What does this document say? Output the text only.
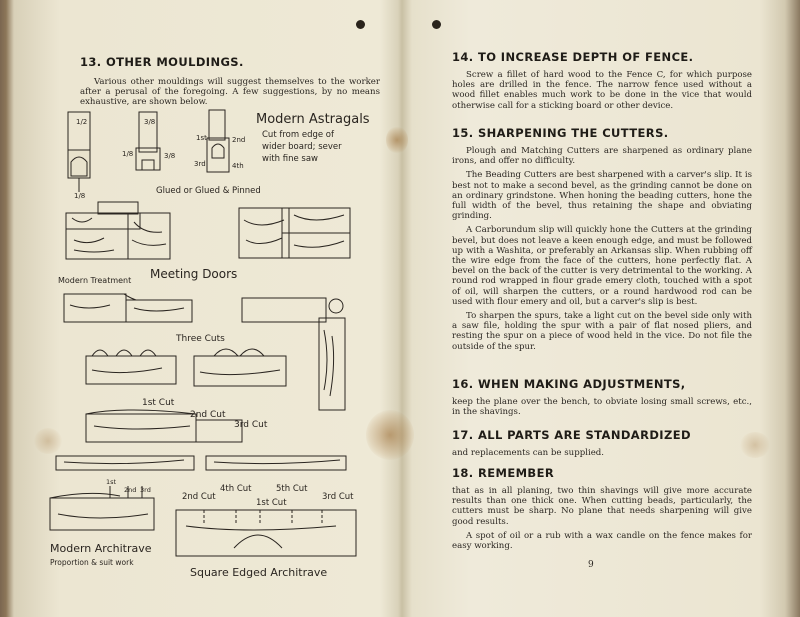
13. OTHER MOULDINGS.

Various other mouldings will suggest themselves to the worker after a perusal of the foregoing. A few suggestions, by no means exhaustive, are shown below.

Modern Astragals
Cut from edge of
wider board; sever
with fine saw
Glued or Glued & Pinned
Modern Treatment Meeting Doors
Three Cuts
1st Cut
2nd Cut
3rd Cut
2nd Cut
4th Cut
1st Cut
5th Cut
3rd Cut
Modern Architrave
Proportion & suit work
Square Edged Architrave
1/2	3/8
1/8
1/8	3/8
1st	2nd
3rd	4th
1st
2nd 3rd
14. TO INCREASE DEPTH OF FENCE.

Screw a fillet of hard wood to the Fence C, for which purpose holes are drilled in the fence. The narrow fence used without a wood fillet enables much work to be done in the vice that would otherwise call for a sticking board or other device.

15. SHARPENING THE CUTTERS.

Plough and Matching Cutters are sharpened as ordinary plane irons, and offer no difficulty.

The Beading Cutters are best sharpened with a carver's slip. It is best not to make a second bevel, as the grinding cannot be done on an ordinary grindstone. When honing the beading cutters, hone the full width of the bevel, thus retaining the shape and obviating grinding.

A Carborundum slip will quickly hone the Cutters at the grinding bevel, but does not leave a keen enough edge, and must be followed up with a Washita, or preferably an Arkansas slip. When rubbing off the wire edge from the face of the cutters, hone perfectly flat. A bevel on the back of the cutter is very detrimental to the working. A round rod wrapped in flour grade emery cloth, touched with a spot of oil, will sharpen the cutters, or a round hardwood rod can be used with flour emery and oil, but a carver's slip is best.

To sharpen the spurs, take a light cut on the bevel side only with a saw file, holding the spur with a pair of flat nosed pliers, and resting the spur on a piece of wood held in the vice. Do not file the outside of the spur.

16. WHEN MAKING ADJUSTMENTS,

keep the plane over the bench, to obviate losing small screws, etc., in the shavings.

17. ALL PARTS ARE STANDARDIZED

and replacements can be supplied.

18. REMEMBER

that as in all planing, two thin shavings will give more accurate results than one thick one. When cutting beads, particularly, the cutters must be sharp. No plane that needs sharpening will give good results.

A spot of oil or a rub with a wax candle on the fence makes for easy working.

9
